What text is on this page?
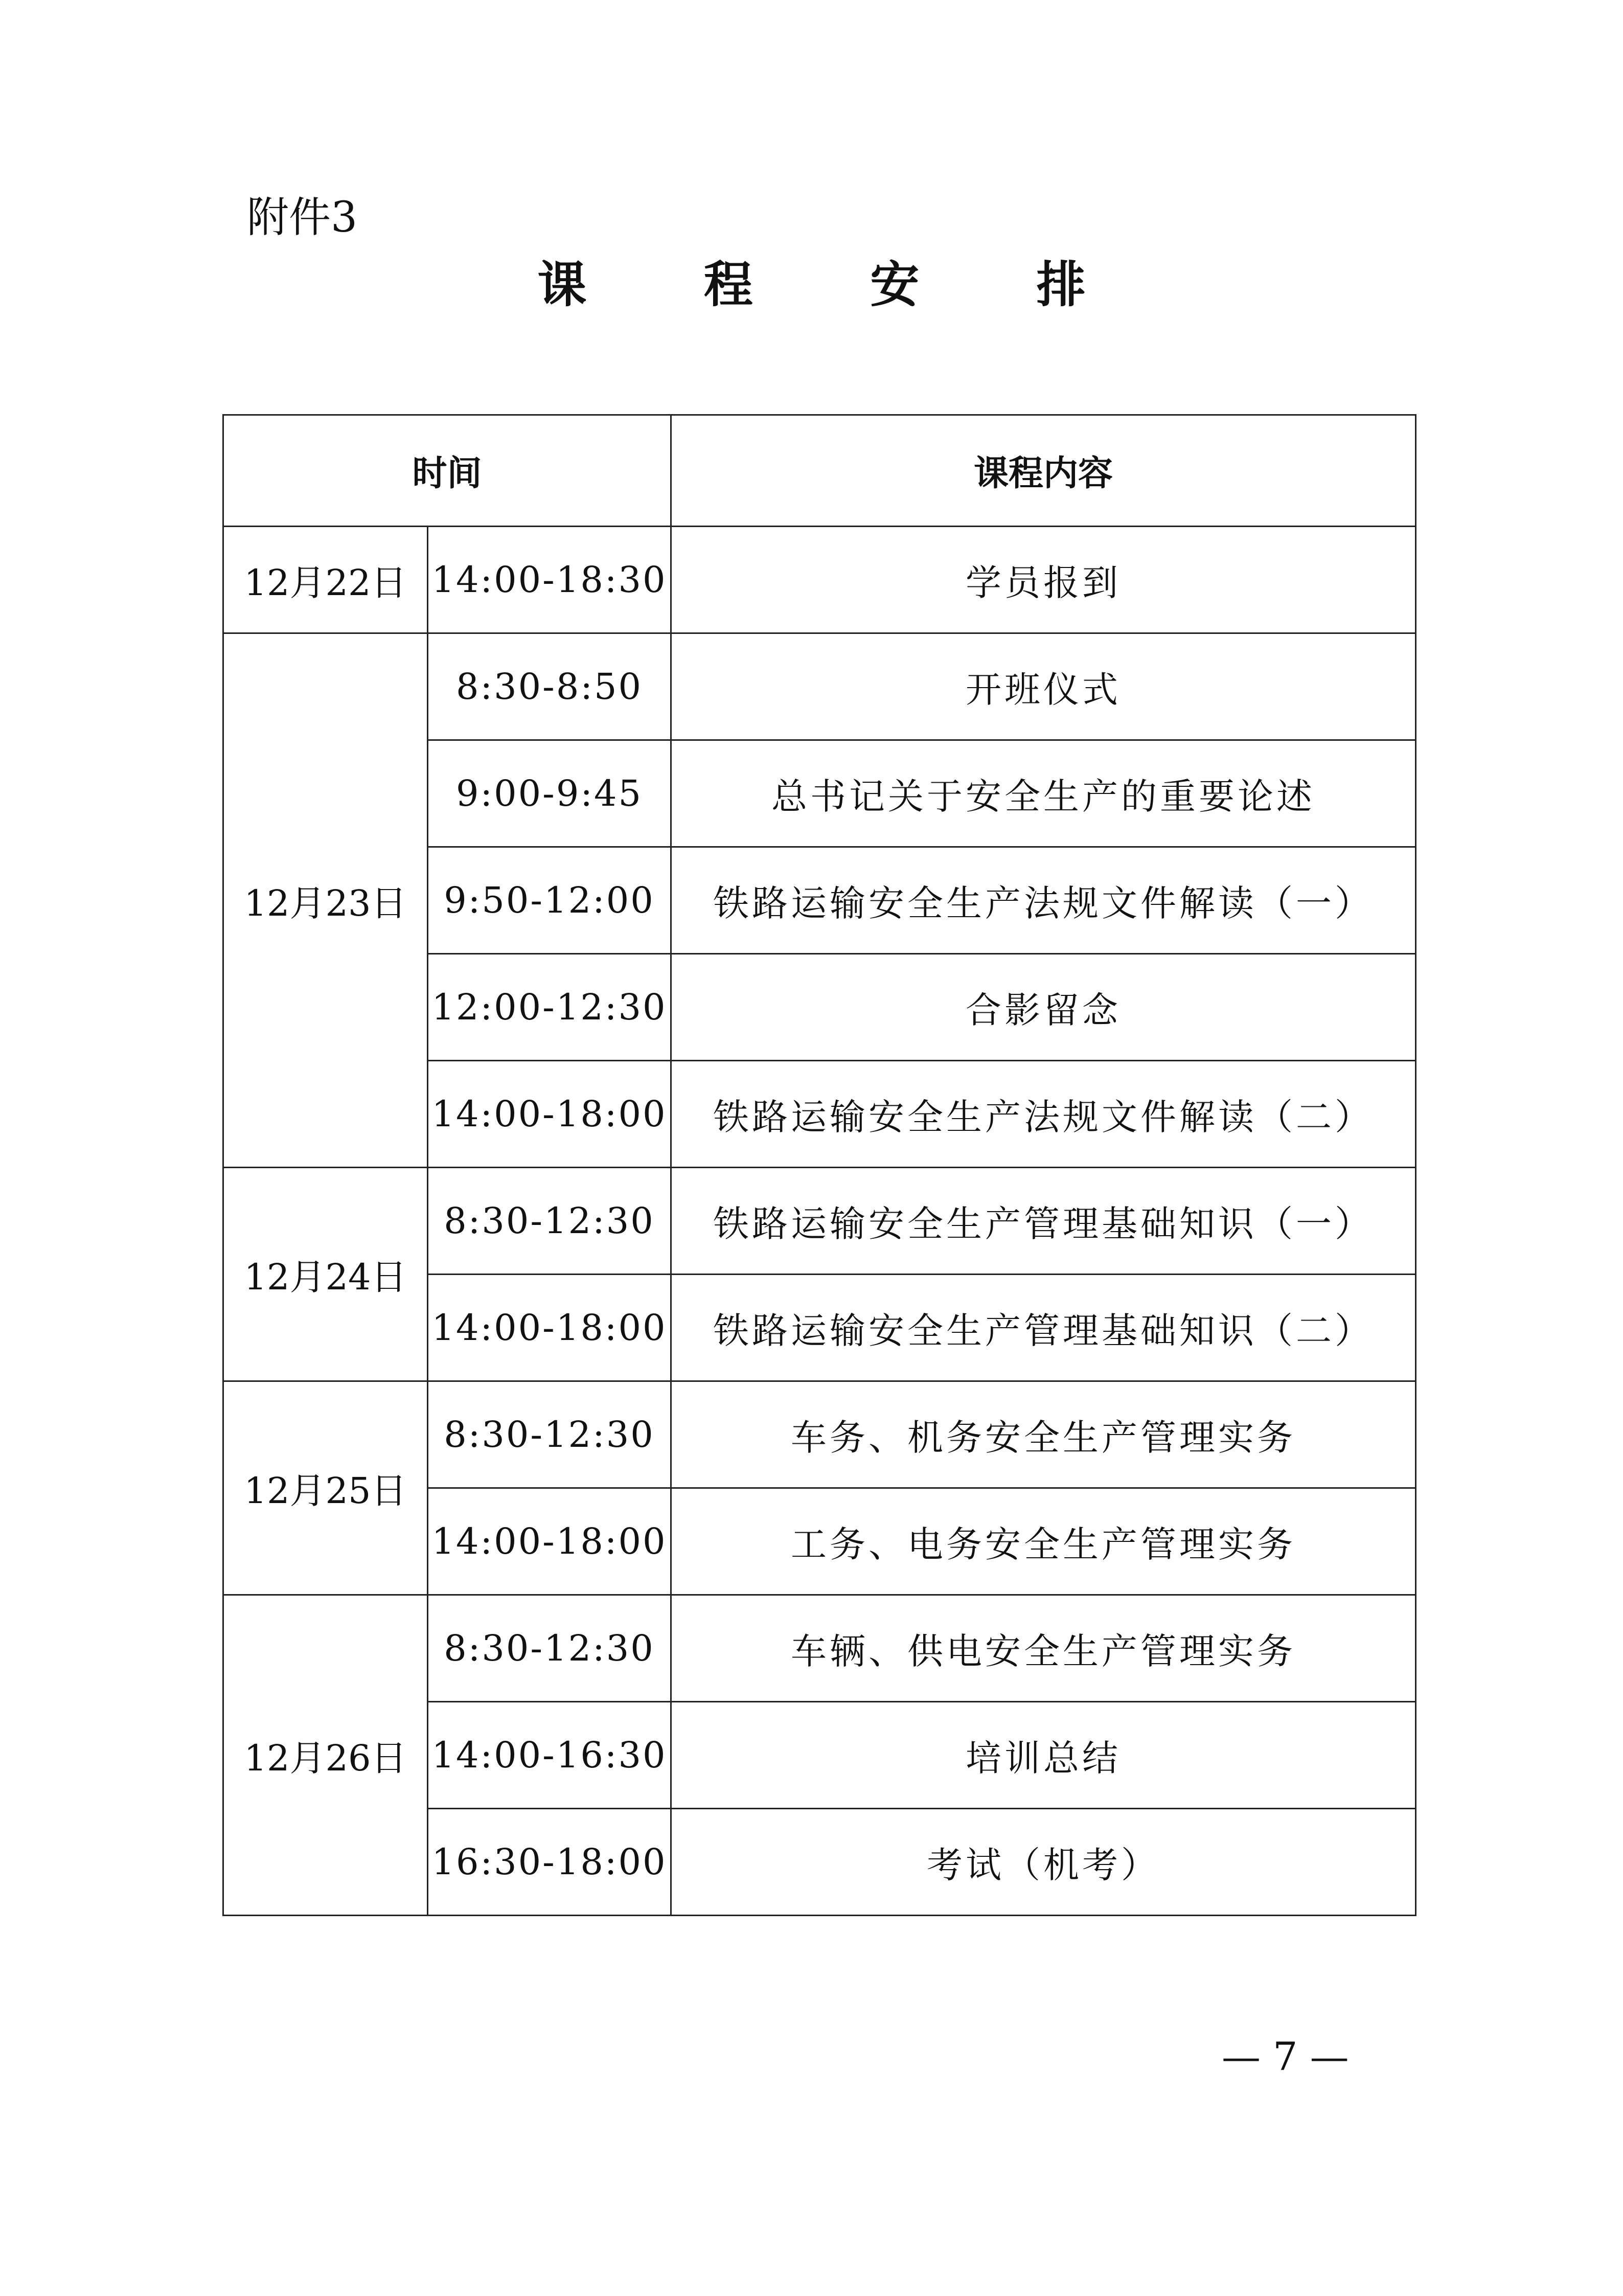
附件3
课 程 安 排
时间		课程内容
12月22日	14:00-18:30	学员报到
12月23日	8:30-8:50	开班仪式
	9:00-9:45	总书记关于安全生产的重要论述
	9:50-12:00	铁路运输安全生产法规文件解读（一）
	12:00-12:30	合影留念
	14:00-18:00	铁路运输安全生产法规文件解读（二）
12月24日	8:30-12:30	铁路运输安全生产管理基础知识（一）
	14:00-18:00	铁路运输安全生产管理基础知识（二）
12月25日	8:30-12:30	车务、机务安全生产管理实务
	14:00-18:00	工务、电务安全生产管理实务
12月26日	8:30-12:30	车辆、供电安全生产管理实务
	14:00-16:30	培训总结
	16:30-18:00	考试（机考）
— 7 —
